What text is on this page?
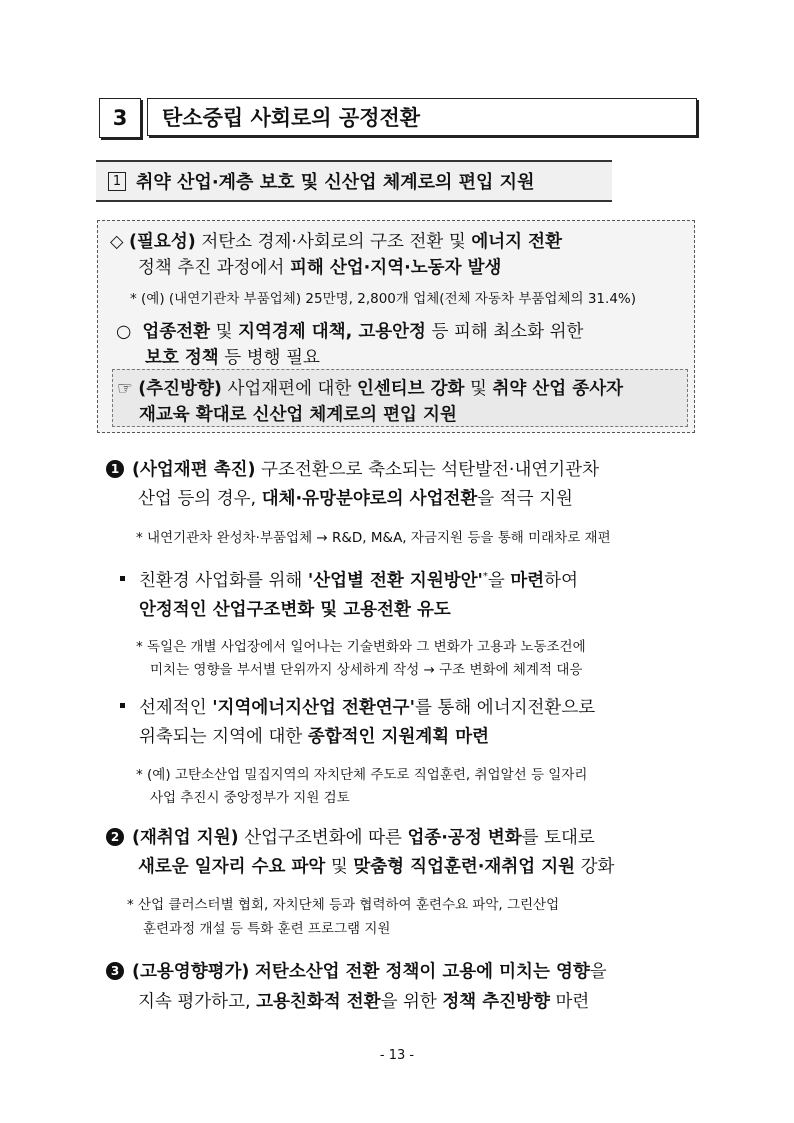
3	탄소중립 사회로의 공정전환
1 취약 산업·계층 보호 및 신산업 체계로의 편입 지원
◇ (필요성) 저탄소 경제·사회로의 구조 전환 및 에너지 전환
정책 추진 과정에서 피해 산업·지역·노동자 발생
* (예) (내연기관차 부품업체) 25만명, 2,800개 업체(전체 자동차 부품업체의 31.4%)
○ 업종전환 및 지역경제 대책, 고용안정 등 피해 최소화 위한
보호 정책 등 병행 필요
☞ (추진방향) 사업재편에 대한 인센티브 강화 및 취약 산업 종사자
재교육 확대로 신산업 체계로의 편입 지원
1 (사업재편 촉진) 구조전환으로 축소되는 석탄발전·내연기관차
산업 등의 경우, 대체·유망분야로의 사업전환을 적극 지원
* 내연기관차 완성차·부품업체 → R&D, M&A, 자금지원 등을 통해 미래차로 재편
친환경 사업화를 위해 '산업별 전환 지원방안'*을 마련하여
안정적인 산업구조변화 및 고용전환 유도
* 독일은 개별 사업장에서 일어나는 기술변화와 그 변화가 고용과 노동조건에
미치는 영향을 부서별 단위까지 상세하게 작성 → 구조 변화에 체계적 대응
선제적인 '지역에너지산업 전환연구'를 통해 에너지전환으로
위축되는 지역에 대한 종합적인 지원계획 마련
* (예) 고탄소산업 밀집지역의 자치단체 주도로 직업훈련, 취업알선 등 일자리
사업 추진시 중앙정부가 지원 검토
2 (재취업 지원) 산업구조변화에 따른 업종·공정 변화를 토대로
새로운 일자리 수요 파악 및 맞춤형 직업훈련·재취업 지원 강화
* 산업 클러스터별 협회, 자치단체 등과 협력하여 훈련수요 파악, 그린산업
훈련과정 개설 등 특화 훈련 프로그램 지원
3 (고용영향평가) 저탄소산업 전환 정책이 고용에 미치는 영향을
지속 평가하고, 고용친화적 전환을 위한 정책 추진방향 마련
- 13 -
